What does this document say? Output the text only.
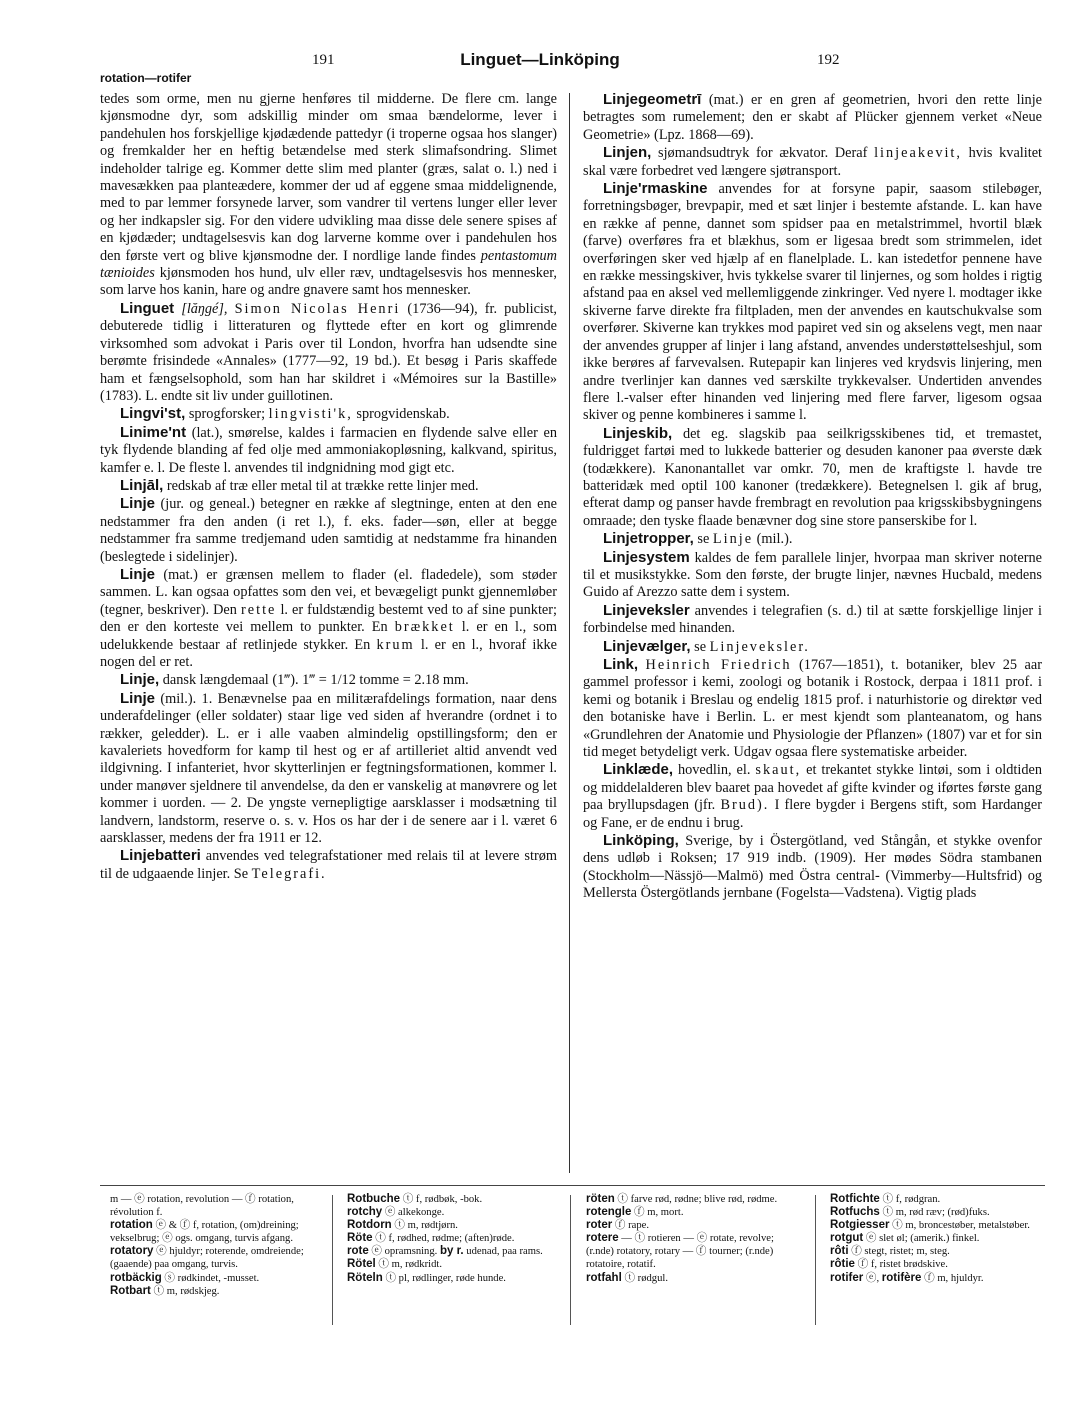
191	Linguet—Linköping	192
rotation—rotifer

tedes som orme, men nu gjerne henføres til midderne. De flere cm. lange kjønsmodne dyr, som adskillig minder om smaa bændelorme, lever i pandehulen hos forskjellige kjødædende pattedyr (i troperne ogsaa hos slanger) og fremkalder her en heftig betændelse med sterk slimafsondring. Slimet indeholder talrige eg. Kommer dette slim med planter (græs, salat o. l.) ned i mavesækken paa planteædere, kommer der ud af eggene smaa middelignende, med to par lemmer forsynede larver, som vandrer til vertens lunger eller lever og her indkapsler sig. For den videre udvikling maa disse dele senere spises af en kjødæder; undtagelsesvis kan dog larverne komme over i pandehulen hos den første vert og blive kjønsmodne der. I nordlige lande findes pentastomum tænioides kjønsmoden hos hund, ulv eller ræv, undtagelsesvis hos mennesker, som larve hos kanin, hare og andre gnavere samt hos mennesker.

Linguet [lăŋgé], Simon Nicolas Henri (1736—94), fr. publicist, debuterede tidlig i litteraturen og flyttede efter en kort og glimrende virksomhed som advokat i Paris over til London, hvorfra han udsendte sine berømte frisindede «Annales» (1777—92, 19 bd.). Et besøg i Paris skaffede ham et fængselsophold, som han har skildret i «Mémoires sur la Bastille» (1783). L. endte sit liv under guillotinen.

Lingvi'st, sprogforsker; lingvisti'k, sprogvidenskab.

Linime'nt (lat.), smørelse, kaldes i farmacien en flydende salve eller en tyk flydende blanding af fed olje med ammoniakopløsning, kalkvand, spiritus, kamfer e. l. De fleste l. anvendes til indgnidning mod gigt etc.

Linjāl, redskab af træ eller metal til at trække rette linjer med.

Linje (jur. og geneal.) betegner en række af slegtninge, enten at den ene nedstammer fra den anden (i ret l.), f. eks. fader—søn, eller at begge nedstammer fra samme tredjemand uden samtidig at nedstamme fra hinanden (beslegtede i sidelinjer).

Linje (mat.) er grænsen mellem to flader (el. fladedele), som støder sammen. L. kan ogsaa opfattes som den vei, et bevægeligt punkt gjennemløber (tegner, beskriver). Den rette l. er fuldstændig bestemt ved to af sine punkter; den er den korteste vei mellem to punkter. En brækket l. er en l., som udelukkende bestaar af retlinjede stykker. En krum l. er en l., hvoraf ikke nogen del er ret.

Linje, dansk længdemaal (1‴). 1‴ = 1/12 tomme = 2.18 mm.

Linje (mil.). 1. Benævnelse paa en militærafdelings formation, naar dens underafdelinger (eller soldater) staar lige ved siden af hverandre (ordnet i to rækker, geledder). L. er i alle vaaben almindelig opstillingsform; den er kavaleriets hovedform for kamp til hest og er af artilleriet altid anvendt ved ildgivning. I infanteriet, hvor skytterlinjen er fegtningsformationen, kommer l. under manøver sjeldnere til anvendelse, da den er vanskelig at manøvrere og let kommer i uorden. — 2. De yngste vernepligtige aarsklasser i modsætning til landvern, landstorm, reserve o. s. v. Hos os har der i de senere aar i l. været 6 aarsklasser, medens der fra 1911 er 12.

Linjebatteri anvendes ved telegrafstationer med relais til at levere strøm til de udgaaende linjer. Se Telegrafi.

Linjegeometrī (mat.) er en gren af geometrien, hvori den rette linje betragtes som rumelement; den er skabt af Plücker gjennem verket «Neue Geometrie» (Lpz. 1868—69).

Linjen, sjømandsudtryk for ækvator. Deraf linjeakevit, hvis kvalitet skal være forbedret ved længere sjøtransport.

Linje'rmaskine anvendes for at forsyne papir, saasom stilebøger, forretningsbøger, brevpapir, med et sæt linjer i bestemte afstande. L. kan have en række af penne, dannet som spidser paa en metalstrimmel, hvortil blæk (farve) overføres fra et blækhus, som er ligesaa bredt som strimmelen, idet overføringen sker ved hjælp af en flanelplade. L. kan istedetfor pennene have en række messingskiver, hvis tykkelse svarer til linjernes, og som holdes i rigtig afstand paa en aksel ved mellemliggende zinkringer. Ved nyere l. modtager ikke skiverne farve direkte fra filtpladen, men der anvendes en kautschukvalse som overfører. Skiverne kan trykkes mod papiret ved sin og akselens vegt, men naar der anvendes grupper af linjer i lang afstand, anvendes understøttelseshjul, som ikke berøres af farvevalsen. Rutepapir kan linjeres ved krydsvis linjering, men andre tverlinjer kan dannes ved særskilte trykkevalser. Undertiden anvendes flere l.-valser efter hinanden ved linjering med flere farver, ligesom ogsaa skiver og penne kombineres i samme l.

Linjeskib, det eg. slagskib paa seilkrigsskibenes tid, et tremastet, fuldrigget fartøi med to lukkede batterier og desuden kanoner paa øverste dæk (todækkere). Kanonantallet var omkr. 70, men de kraftigste l. havde tre batteridæk med optil 100 kanoner (tredækkere). Betegnelsen l. gik af brug, efterat damp og panser havde frembragt en revolution paa krigsskibsbygningens omraade; den tyske flaade benævner dog sine store panserskibe for l.

Linjetropper, se Linje (mil.).

Linjesystem kaldes de fem parallele linjer, hvorpaa man skriver noterne til et musikstykke. Som den første, der brugte linjer, nævnes Hucbald, medens Guido af Arezzo satte dem i system.

Linjeveksler anvendes i telegrafien (s. d.) til at sætte forskjellige linjer i forbindelse med hinanden.

Linjevælger, se Linjeveksler.

Link, Heinrich Friedrich (1767—1851), t. botaniker, blev 25 aar gammel professor i kemi, zoologi og botanik i Rostock, derpaa i 1811 prof. i kemi og botanik i Breslau og endelig 1815 prof. i naturhistorie og direktør ved den botaniske have i Berlin. L. er mest kjendt som planteanatom, og hans «Grundlehren der Anatomie und Physiologie der Pflanzen» (1807) var et for sin tid meget betydeligt verk. Udgav ogsaa flere systematiske arbeider.

Linklæde, hovedlin, el. skaut, et trekantet stykke lintøi, som i oldtiden og middelalderen blev baaret paa hovedet af gifte kvinder og iførtes første gang paa bryllupsdagen (jfr. Brud). I flere bygder i Bergens stift, som Hardanger og Fane, er de endnu i brug.

Linköping, Sverige, by i Östergötland, ved Stångån, et stykke ovenfor dens udløb i Roksen; 17 919 indb. (1909). Her mødes Södra stambanen (Stockholm—Nässjö—Malmö) med Östra central- (Vimmerby—Hultsfrid) og Mellersta Östergötlands jernbane (Fogelsta—Vadstena). Vigtig plads

m — ⓔ rotation, revolution — ⓕ rotation, révolution f.

rotation ⓔ & ⓕ f, rotation, (om)dreining; vekselbrug; ⓔ ogs. omgang, turvis afgang.

rotatory ⓔ hjuldyr; roterende, omdreiende; (gaaende) paa omgang, turvis.

rotbäckig ⓢ rødkindet, -musset.

Rotbart ⓣ m, rødskjeg.

Rotbuche ⓣ f, rødbøk, -bok.

rotchy ⓔ alkekonge.

Rotdorn ⓣ m, rødtjørn.

Röte ⓣ f, rødhed, rødme; (aften)røde.

rote ⓔ opramsning. by r. udenad, paa rams.

Rötel ⓣ m, rødkridt.

Röteln ⓣ pl, rødlinger, røde hunde.

röten ⓣ farve rød, rødne; blive rød, rødme.

rotengle ⓕ m, mort.

roter ⓕ rape.

rotere — ⓣ rotieren — ⓔ rotate, revolve; (r.nde) rotatory, rotary — ⓕ tourner; (r.nde) rotatoire, rotatif.

rotfahl ⓣ rødgul.

Rotfichte ⓣ f, rødgran.

Rotfuchs ⓣ m, rød ræv; (rød)fuks.

Rotgiesser ⓣ m, broncestøber, metalstøber.

rotgut ⓔ slet øl; (amerik.) finkel.

rôti ⓕ stegt, ristet; m, steg.

rôtie ⓕ f, ristet brødskive.

rotifer ⓔ, rotifère ⓕ m, hjuldyr.
